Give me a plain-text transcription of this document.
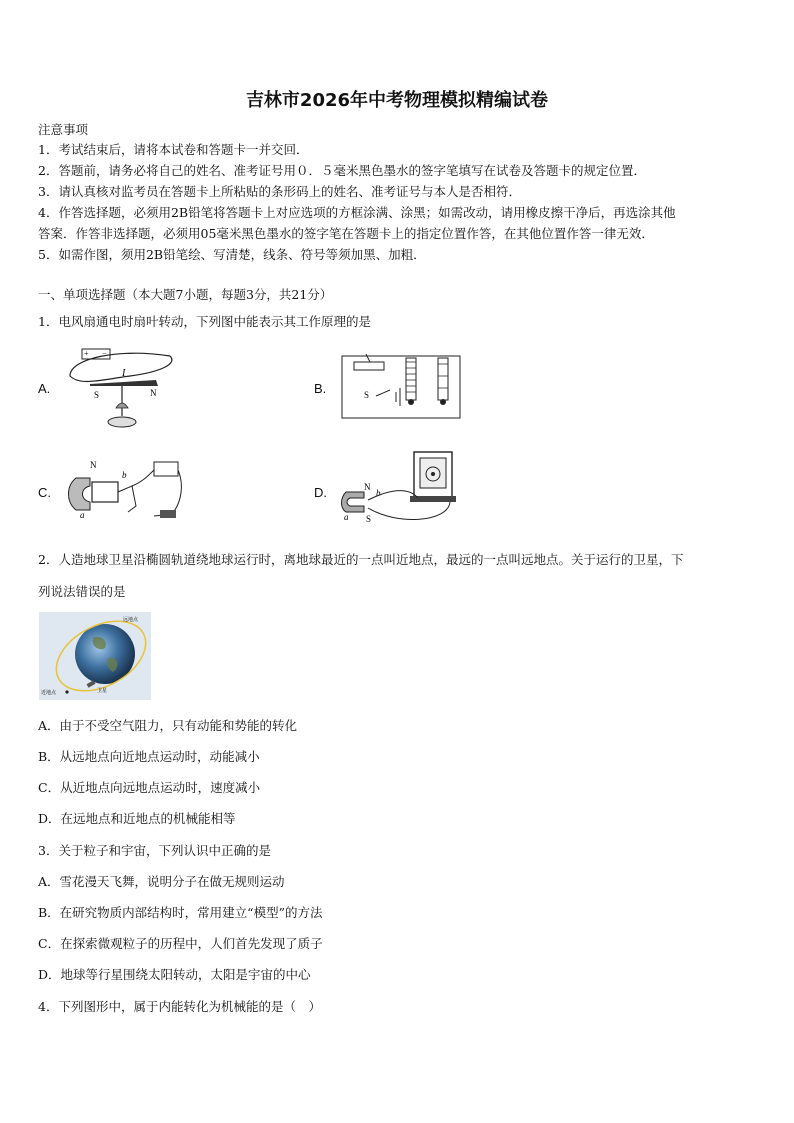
吉林市2026年中考物理模拟精编试卷
注意事项
1．考试结束后，请将本试卷和答题卡一并交回．
2．答题前，请务必将自己的姓名、准考证号用０．５毫米黑色墨水的签字笔填写在试卷及答题卡的规定位置．
3．请认真核对监考员在答题卡上所粘贴的条形码上的姓名、准考证号与本人是否相符．
4．作答选择题，必须用2B铅笔将答题卡上对应选项的方框涂满、涂黑；如需改动，请用橡皮擦干净后，再选涂其他
答案．作答非选择题，必须用05毫米黑色墨水的签字笔在答题卡上的指定位置作答，在其他位置作答一律无效．
5．如需作图，须用2B铅笔绘、写清楚，线条、符号等须加黑、加粗．
一、单项选择题（本大题7小题，每题3分，共21分）
1．电风扇通电时扇叶转动，下列图中能表示其工作原理的是
A.	B.
C.	D.
+ −
I
S	N	S
N
b
a
N
S
b
a
2．人造地球卫星沿椭圆轨道绕地球运行时，离地球最近的一点叫近地点，最远的一点叫远地点。关于运行的卫星，下
列说法错误的是
远地点
近地点	卫星
A．由于不受空气阻力，只有动能和势能的转化
B．从远地点向近地点运动时，动能减小
C．从近地点向远地点运动时，速度减小
D．在远地点和近地点的机械能相等
3．关于粒子和宇宙，下列认识中正确的是
A．雪花漫天飞舞，说明分子在做无规则运动
B．在研究物质内部结构时，常用建立“模型”的方法
C．在探索微观粒子的历程中，人们首先发现了质子
D．地球等行星围绕太阳转动，太阳是宇宙的中心
4．下列图形中，属于内能转化为机械能的是（　）
